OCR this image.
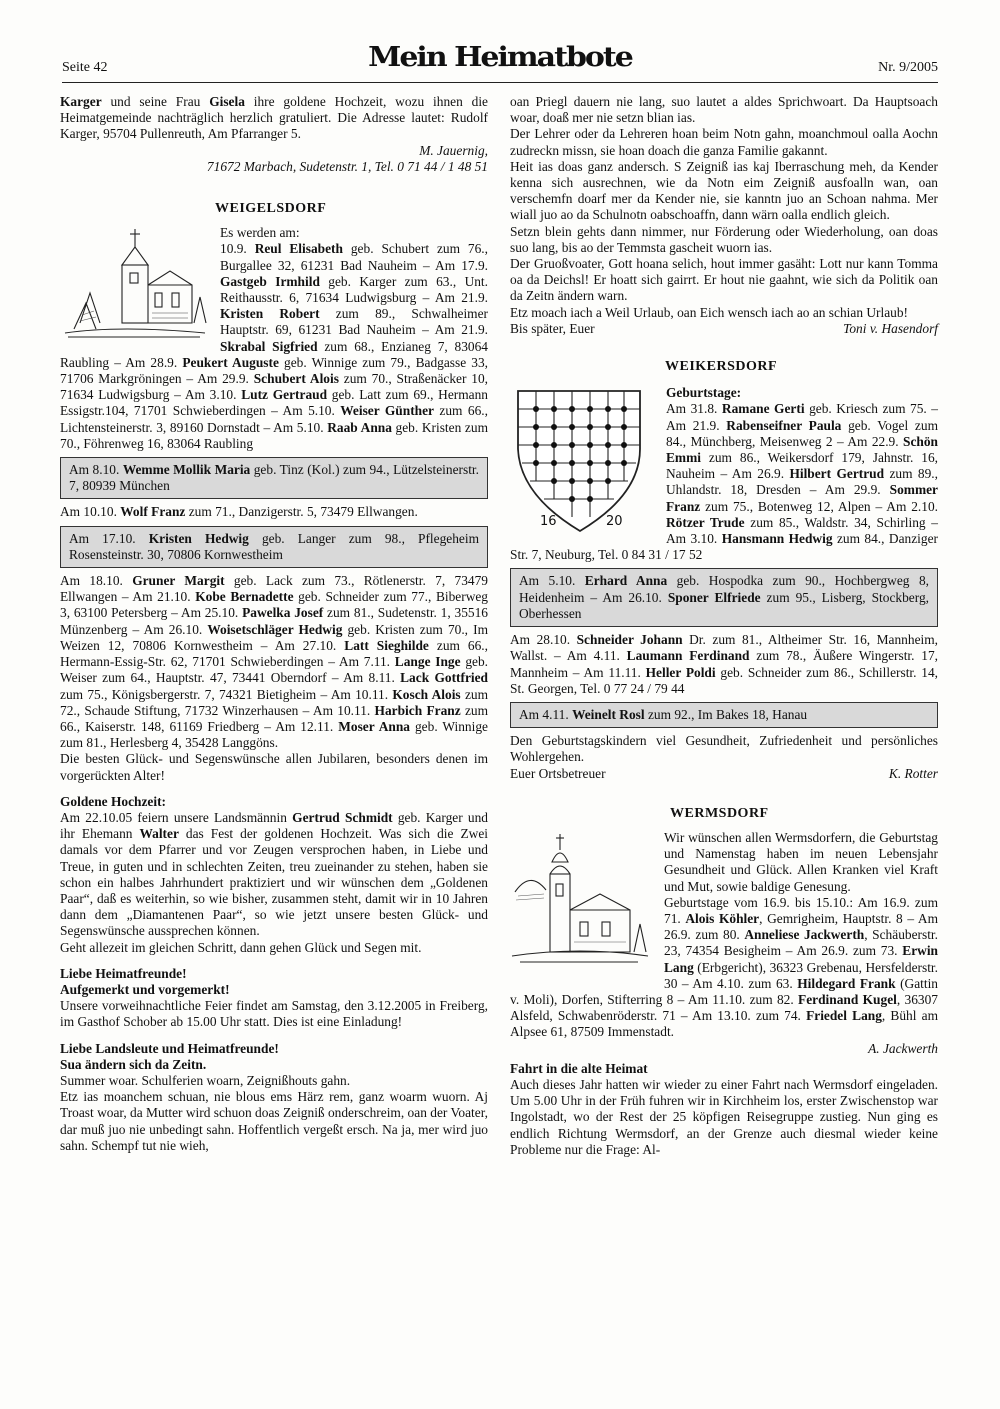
Seite 42	Mein Heimatbote	Nr. 9/2005

Karger und seine Frau Gisela ihre goldene Hochzeit, wozu ihnen die Heimatgemeinde nachträglich herzlich gratuliert. Die Adresse lautet: Rudolf Karger, 95704 Pullenreuth, Am Pfarranger 5.

M. Jauernig,

71672 Marbach, Sudetenstr. 1, Tel. 0 71 44 / 1 48 51

WEIGELSDORF

Es werden am:

10.9. Reul Elisabeth geb. Schubert zum 76., Burgallee 32, 61231 Bad Nauheim – Am 17.9. Gastgeb Irmhild geb. Karger zum 63., Unt. Reithausstr. 6, 71634 Ludwigsburg – Am 21.9. Kristen Robert zum 89., Schwalheimer Hauptstr. 69, 61231 Bad Nauheim – Am 21.9. Skrabal Sigfried zum 68., Enzianeg 7, 83064 Raubling – Am 28.9. Peukert Auguste geb. Winnige zum 79., Badgasse 33, 71706 Markgröningen – Am 29.9. Schubert Alois zum 70., Straßenäcker 10, 71634 Ludwigsburg – Am 3.10. Lutz Gertraud geb. Latt zum 69., Hermann Essigstr.104, 71701 Schwieberdingen – Am 5.10. Weiser Günther zum 66., Lichtensteinerstr. 3, 89160 Dornstadt – Am 5.10. Raab Anna geb. Kristen zum 70., Föhrenweg 16, 83064 Raubling

Am 8.10. Wemme Mollik Maria geb. Tinz (Kol.) zum 94., Lützelsteinerstr. 7, 80939 München

Am 10.10. Wolf Franz zum 71., Danzigerstr. 5, 73479 Ellwangen.

Am 17.10. Kristen Hedwig geb. Langer zum 98., Pflegeheim Rosensteinstr. 30, 70806 Kornwestheim

Am 18.10. Gruner Margit geb. Lack zum 73., Rötlenerstr. 7, 73479 Ellwangen – Am 21.10. Kobe Bernadette geb. Schneider zum 77., Biberweg 3, 63100 Petersberg – Am 25.10. Pawelka Josef zum 81., Sudetenstr. 1, 35516 Münzenberg – Am 26.10. Woisetschläger Hedwig geb. Kristen zum 70., Im Weizen 12, 70806 Kornwestheim – Am 27.10. Latt Sieghilde zum 66., Hermann-Essig-Str. 62, 71701 Schwieberdingen – Am 7.11. Lange Inge geb. Weiser zum 64., Hauptstr. 47, 73441 Oberndorf – Am 8.11. Lack Gottfried zum 75., Königsbergerstr. 7, 74321 Bietigheim – Am 10.11. Kosch Alois zum 72., Schaude Stiftung, 71732 Winzerhausen – Am 10.11. Harbich Franz zum 66., Kaiserstr. 148, 61169 Friedberg – Am 12.11. Moser Anna geb. Winnige zum 81., Herlesberg 4, 35428 Langgöns.

Die besten Glück- und Segenswünsche allen Jubilaren, besonders denen im vorgerückten Alter!

Goldene Hochzeit:

Am 22.10.05 feiern unsere Landsmännin Gertrud Schmidt geb. Karger und ihr Ehemann Walter das Fest der goldenen Hochzeit. Was sich die Zwei damals vor dem Pfarrer und vor Zeugen versprochen haben, in Liebe und Treue, in guten und in schlechten Zeiten, treu zueinander zu stehen, haben sie schon ein halbes Jahrhundert praktiziert und wir wünschen dem „Goldenen Paar“, daß es weiterhin, so wie bisher, zusammen steht, damit wir in 10 Jahren dann dem „Diamantenen Paar“, so wie jetzt unsere besten Glück- und Segenswünsche aussprechen können.

Geht allezeit im gleichen Schritt, dann gehen Glück und Segen mit.

Liebe Heimatfreunde!

Aufgemerkt und vorgemerkt!

Unsere vorweihnachtliche Feier findet am Samstag, den 3.12.2005 in Freiberg, im Gasthof Schober ab 15.00 Uhr statt. Dies ist eine Einladung!

Liebe Landsleute und Heimatfreunde!

Sua ändern sich da Zeitn.

Summer woar. Schulferien woarn, Zeignißhouts gahn.

Etz ias moanchem schuan, nie blous ems Härz rem, ganz woarm wuorn. Aj Troast woar, da Mutter wird schuon doas Zeigniß onderschreim, oan der Voater, dar muß juo nie unbedingt sahn. Hoffentlich vergeßt ersch. Na ja, mer wird juo sahn. Schempf tut nie wieh,

oan Priegl dauern nie lang, suo lautet a aldes Sprichwoart. Da Hauptsoach woar, doaß mer nie setzn blian ias.

Der Lehrer oder da Lehreren hoan beim Notn gahn, moanchmoul oalla Aochn zudreckn missn, sie hoan doach die ganza Familie gakannt.

Heit ias doas ganz andersch. S Zeigniß ias kaj Iberraschung meh, da Kender kenna sich ausrechnen, wie da Notn eim Zeigniß ausfoalln wan, oan verschemfn doarf mer da Kender nie, sie kanntn juo an Schoan nahma. Mer wiall juo ao da Schulnotn oabschoaffn, dann wärn oalla endlich gleich.

Setzn blein gehts dann nimmer, nur Förderung oder Wiederholung, oan doas suo lang, bis ao der Temmsta gascheit wuorn ias.

Der Gruoßvoater, Gott hoana selich, hout immer gasäht: Lott nur kann Tomma oa da Deichsl! Er hoatt sich gairrt. Er hout nie gaahnt, wie sich da Politik oan da Zeitn ändern warn.

Etz moach iach a Weil Urlaub, oan Eich wensch iach ao an schian Urlaub!

Bis später, Euer	Toni v. Hasendorf
WEIKERSDORF
16	20

Geburtstage:

Am 31.8. Ramane Gerti geb. Kriesch zum 75. – Am 21.9. Rabenseifner Paula geb. Vogel zum 84., Münchberg, Meisenweg 2 – Am 22.9. Schön Emmi zum 86., Weikersdorf 179, Jahnstr. 16, Nauheim – Am 26.9. Hilbert Gertrud zum 89., Uhlandstr. 18, Dresden – Am 29.9. Sommer Franz zum 75., Botenweg 12, Alpen – Am 2.10. Rötzer Trude zum 85., Waldstr. 34, Schirling – Am 3.10. Hansmann Hedwig zum 84., Danziger Str. 7, Neuburg, Tel. 0 84 31 / 17 52

Am 5.10. Erhard Anna geb. Hospodka zum 90., Hochbergweg 8, Heidenheim – Am 26.10. Sponer Elfriede zum 95., Lisberg, Stockberg, Oberhessen

Am 28.10. Schneider Johann Dr. zum 81., Altheimer Str. 16, Mannheim, Wallst. – Am 4.11. Laumann Ferdinand zum 78., Äußere Wingerstr. 17, Mannheim – Am 11.11. Heller Poldi geb. Schneider zum 86., Schillerstr. 14, St. Georgen, Tel. 0 77 24 / 79 44

Am 4.11. Weinelt Rosl zum 92., Im Bakes 18, Hanau

Den Geburtstagskindern viel Gesundheit, Zufriedenheit und persönliches Wohlergehen.

Euer Ortsbetreuer	K. Rotter
WERMSDORF

Wir wünschen allen Wermsdorfern, die Geburtstag und Namenstag haben im neuen Lebensjahr Gesundheit und Glück. Allen Kranken viel Kraft und Mut, sowie baldige Genesung.

Geburtstage vom 16.9. bis 15.10.: Am 16.9. zum 71. Alois Köhler, Gemrigheim, Hauptstr. 8 – Am 26.9. zum 80. Anneliese Jackwerth, Schäuberstr. 23, 74354 Besigheim – Am 26.9. zum 73. Erwin Lang (Erbgericht), 36323 Grebenau, Hersfelderstr. 30 – Am 4.10. zum 63. Hildegard Frank (Gattin v. Moli), Dorfen, Stifterring 8 – Am 11.10. zum 82. Ferdinand Kugel, 36307 Alsfeld, Schwabenröderstr. 71 – Am 13.10. zum 74. Friedel Lang, Bühl am Alpsee 61, 87509 Immenstadt.

A. Jackwerth

Fahrt in die alte Heimat

Auch dieses Jahr hatten wir wieder zu einer Fahrt nach Wermsdorf eingeladen. Um 5.00 Uhr in der Früh fuhren wir in Kirchheim los, erster Zwischenstop war Ingolstadt, wo der Rest der 25 köpfigen Reisegruppe zustieg. Nun ging es endlich Richtung Wermsdorf, an der Grenze auch diesmal wieder keine Probleme nur die Frage: Al-
